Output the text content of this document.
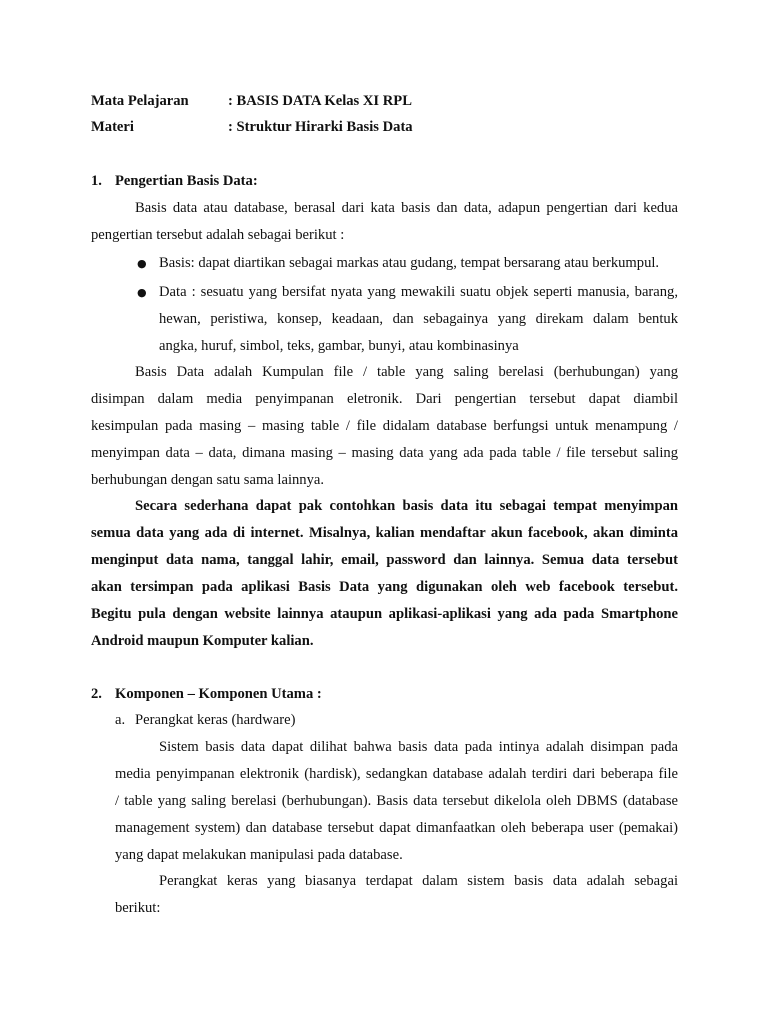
Mata Pelajaran	: BASIS DATA Kelas XI RPL
Materi	: Struktur Hirarki Basis Data
1. Pengertian Basis Data:
Basis data atau database, berasal dari kata basis dan data, adapun pengertian dari kedua
pengertian tersebut adalah sebagai berikut :
● Basis: dapat diartikan sebagai markas atau gudang, tempat bersarang atau berkumpul.
● Data : sesuatu yang bersifat nyata yang mewakili suatu objek seperti manusia, barang,
hewan, peristiwa, konsep, keadaan, dan sebagainya yang direkam dalam bentuk
angka, huruf, simbol, teks, gambar, bunyi, atau kombinasinya
Basis Data adalah Kumpulan file / table yang saling berelasi (berhubungan) yang
disimpan dalam media penyimpanan eletronik. Dari pengertian tersebut dapat diambil
kesimpulan pada masing – masing table / file didalam database berfungsi untuk menampung /
menyimpan data – data, dimana masing – masing data yang ada pada table / file tersebut saling
berhubungan dengan satu sama lainnya.
Secara sederhana dapat pak contohkan basis data itu sebagai tempat menyimpan
semua data yang ada di internet. Misalnya, kalian mendaftar akun facebook, akan diminta
menginput data nama, tanggal lahir, email, password dan lainnya. Semua data tersebut
akan tersimpan pada aplikasi Basis Data yang digunakan oleh web facebook tersebut.
Begitu pula dengan website lainnya ataupun aplikasi-aplikasi yang ada pada Smartphone
Android maupun Komputer kalian.
2. Komponen – Komponen Utama :
a. Perangkat keras (hardware)
Sistem basis data dapat dilihat bahwa basis data pada intinya adalah disimpan pada
media penyimpanan elektronik (hardisk), sedangkan database adalah terdiri dari beberapa file
/ table yang saling berelasi (berhubungan). Basis data tersebut dikelola oleh DBMS (database
management system) dan database tersebut dapat dimanfaatkan oleh beberapa user (pemakai)
yang dapat melakukan manipulasi pada database.
Perangkat keras yang biasanya terdapat dalam sistem basis data adalah sebagai
berikut:
